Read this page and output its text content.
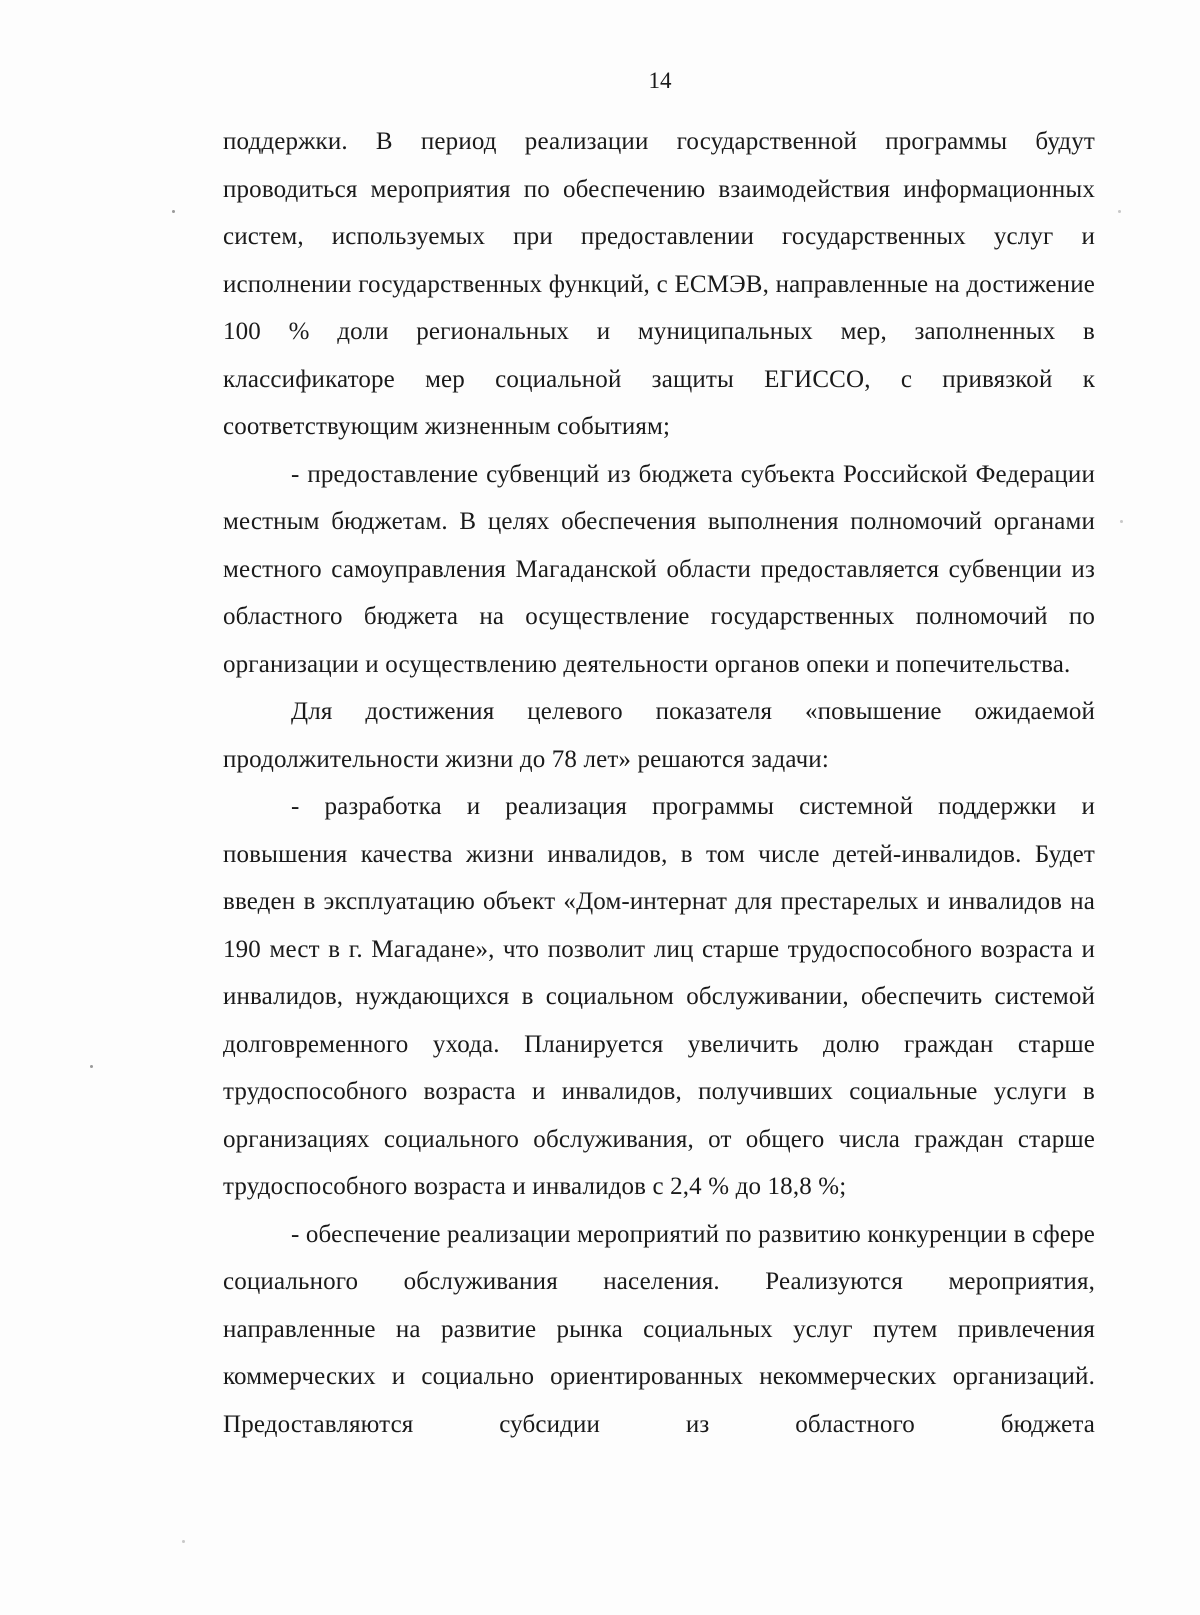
14

поддержки. В период реализации государственной программы будут проводиться мероприятия по обеспечению взаимодействия информационных систем, используемых при предоставлении государственных услуг и исполнении государственных функций, с ЕСМЭВ, направленные на достижение 100 % доли региональных и муниципальных мер, заполненных в классификаторе мер социальной защиты ЕГИССО, с привязкой к соответствующим жизненным событиям;

- предоставление субвенций из бюджета субъекта Российской Федерации местным бюджетам. В целях обеспечения выполнения полномочий органами местного самоуправления Магаданской области предоставляется субвенции из областного бюджета на осуществление государственных полномочий по организации и осуществлению деятельности органов опеки и попечительства.

Для достижения целевого показателя «повышение ожидаемой продолжительности жизни до 78 лет» решаются задачи:

- разработка и реализация программы системной поддержки и повышения качества жизни инвалидов, в том числе детей-инвалидов. Будет введен в эксплуатацию объект «Дом-интернат для престарелых и инвалидов на 190 мест в г. Магадане», что позволит лиц старше трудоспособного возраста и инвалидов, нуждающихся в социальном обслуживании, обеспечить системой долговременного ухода. Планируется увеличить долю граждан старше трудоспособного возраста и инвалидов, получивших социальные услуги в организациях социального обслуживания, от общего числа граждан старше трудоспособного возраста и инвалидов с 2,4 % до 18,8 %;

- обеспечение реализации мероприятий по развитию конкуренции в сфере социального обслуживания населения. Реализуются мероприятия, направленные на развитие рынка социальных услуг путем привлечения коммерческих и социально ориентированных некоммерческих организаций. Предоставляются субсидии из областного бюджета
